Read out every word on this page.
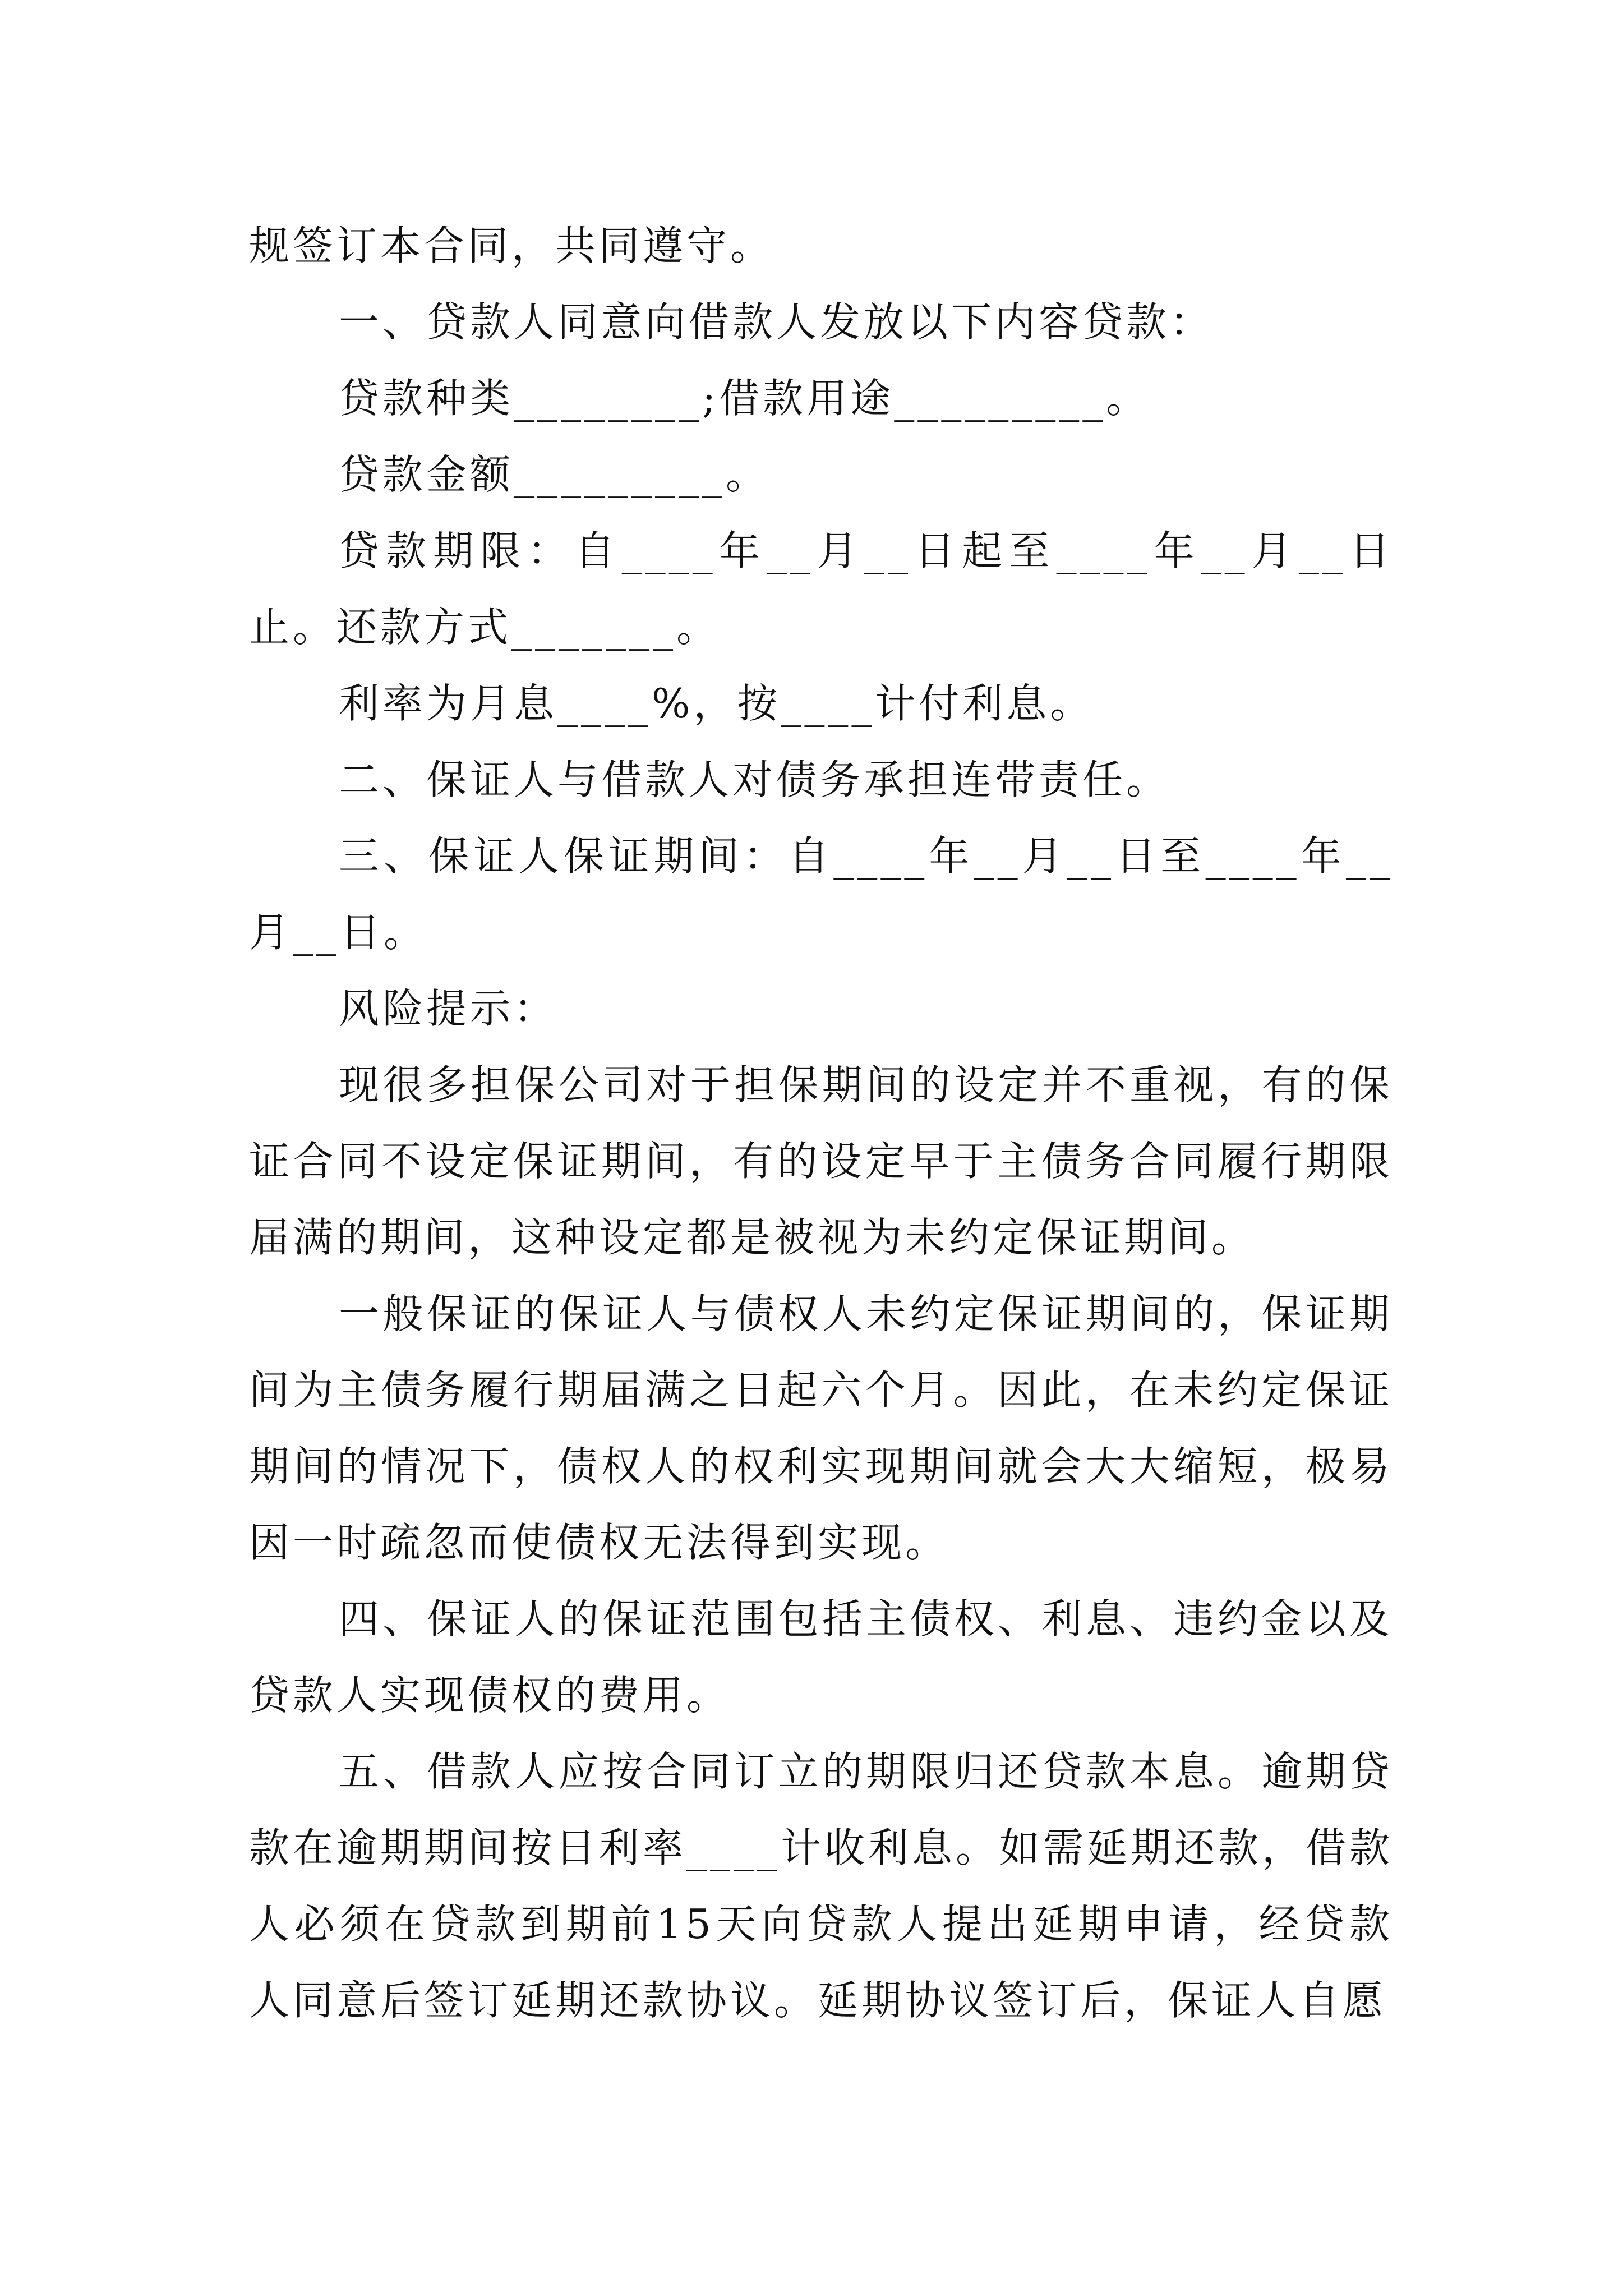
规签订本合同，共同遵守。

一、贷款人同意向借款人发放以下内容贷款：

贷款种类________;借款用途_________。

贷款金额_________。

贷款期限：自____年__月__日起至____年__月__日止。还款方式_______。

利率为月息____%，按____计付利息。

二、保证人与借款人对债务承担连带责任。

三、保证人保证期间：自____年__月__日至____年__月__日。

风险提示：

现很多担保公司对于担保期间的设定并不重视，有的保证合同不设定保证期间，有的设定早于主债务合同履行期限届满的期间，这种设定都是被视为未约定保证期间。

一般保证的保证人与债权人未约定保证期间的，保证期间为主债务履行期届满之日起六个月。因此，在未约定保证期间的情况下，债权人的权利实现期间就会大大缩短，极易因一时疏忽而使债权无法得到实现。

四、保证人的保证范围包括主债权、利息、违约金以及贷款人实现债权的费用。

五、借款人应按合同订立的期限归还贷款本息。逾期贷款在逾期期间按日利率____计收利息。如需延期还款，借款人必须在贷款到期前15天向贷款人提出延期申请，经贷款人同意后签订延期还款协议。延期协议签订后，保证人自愿
